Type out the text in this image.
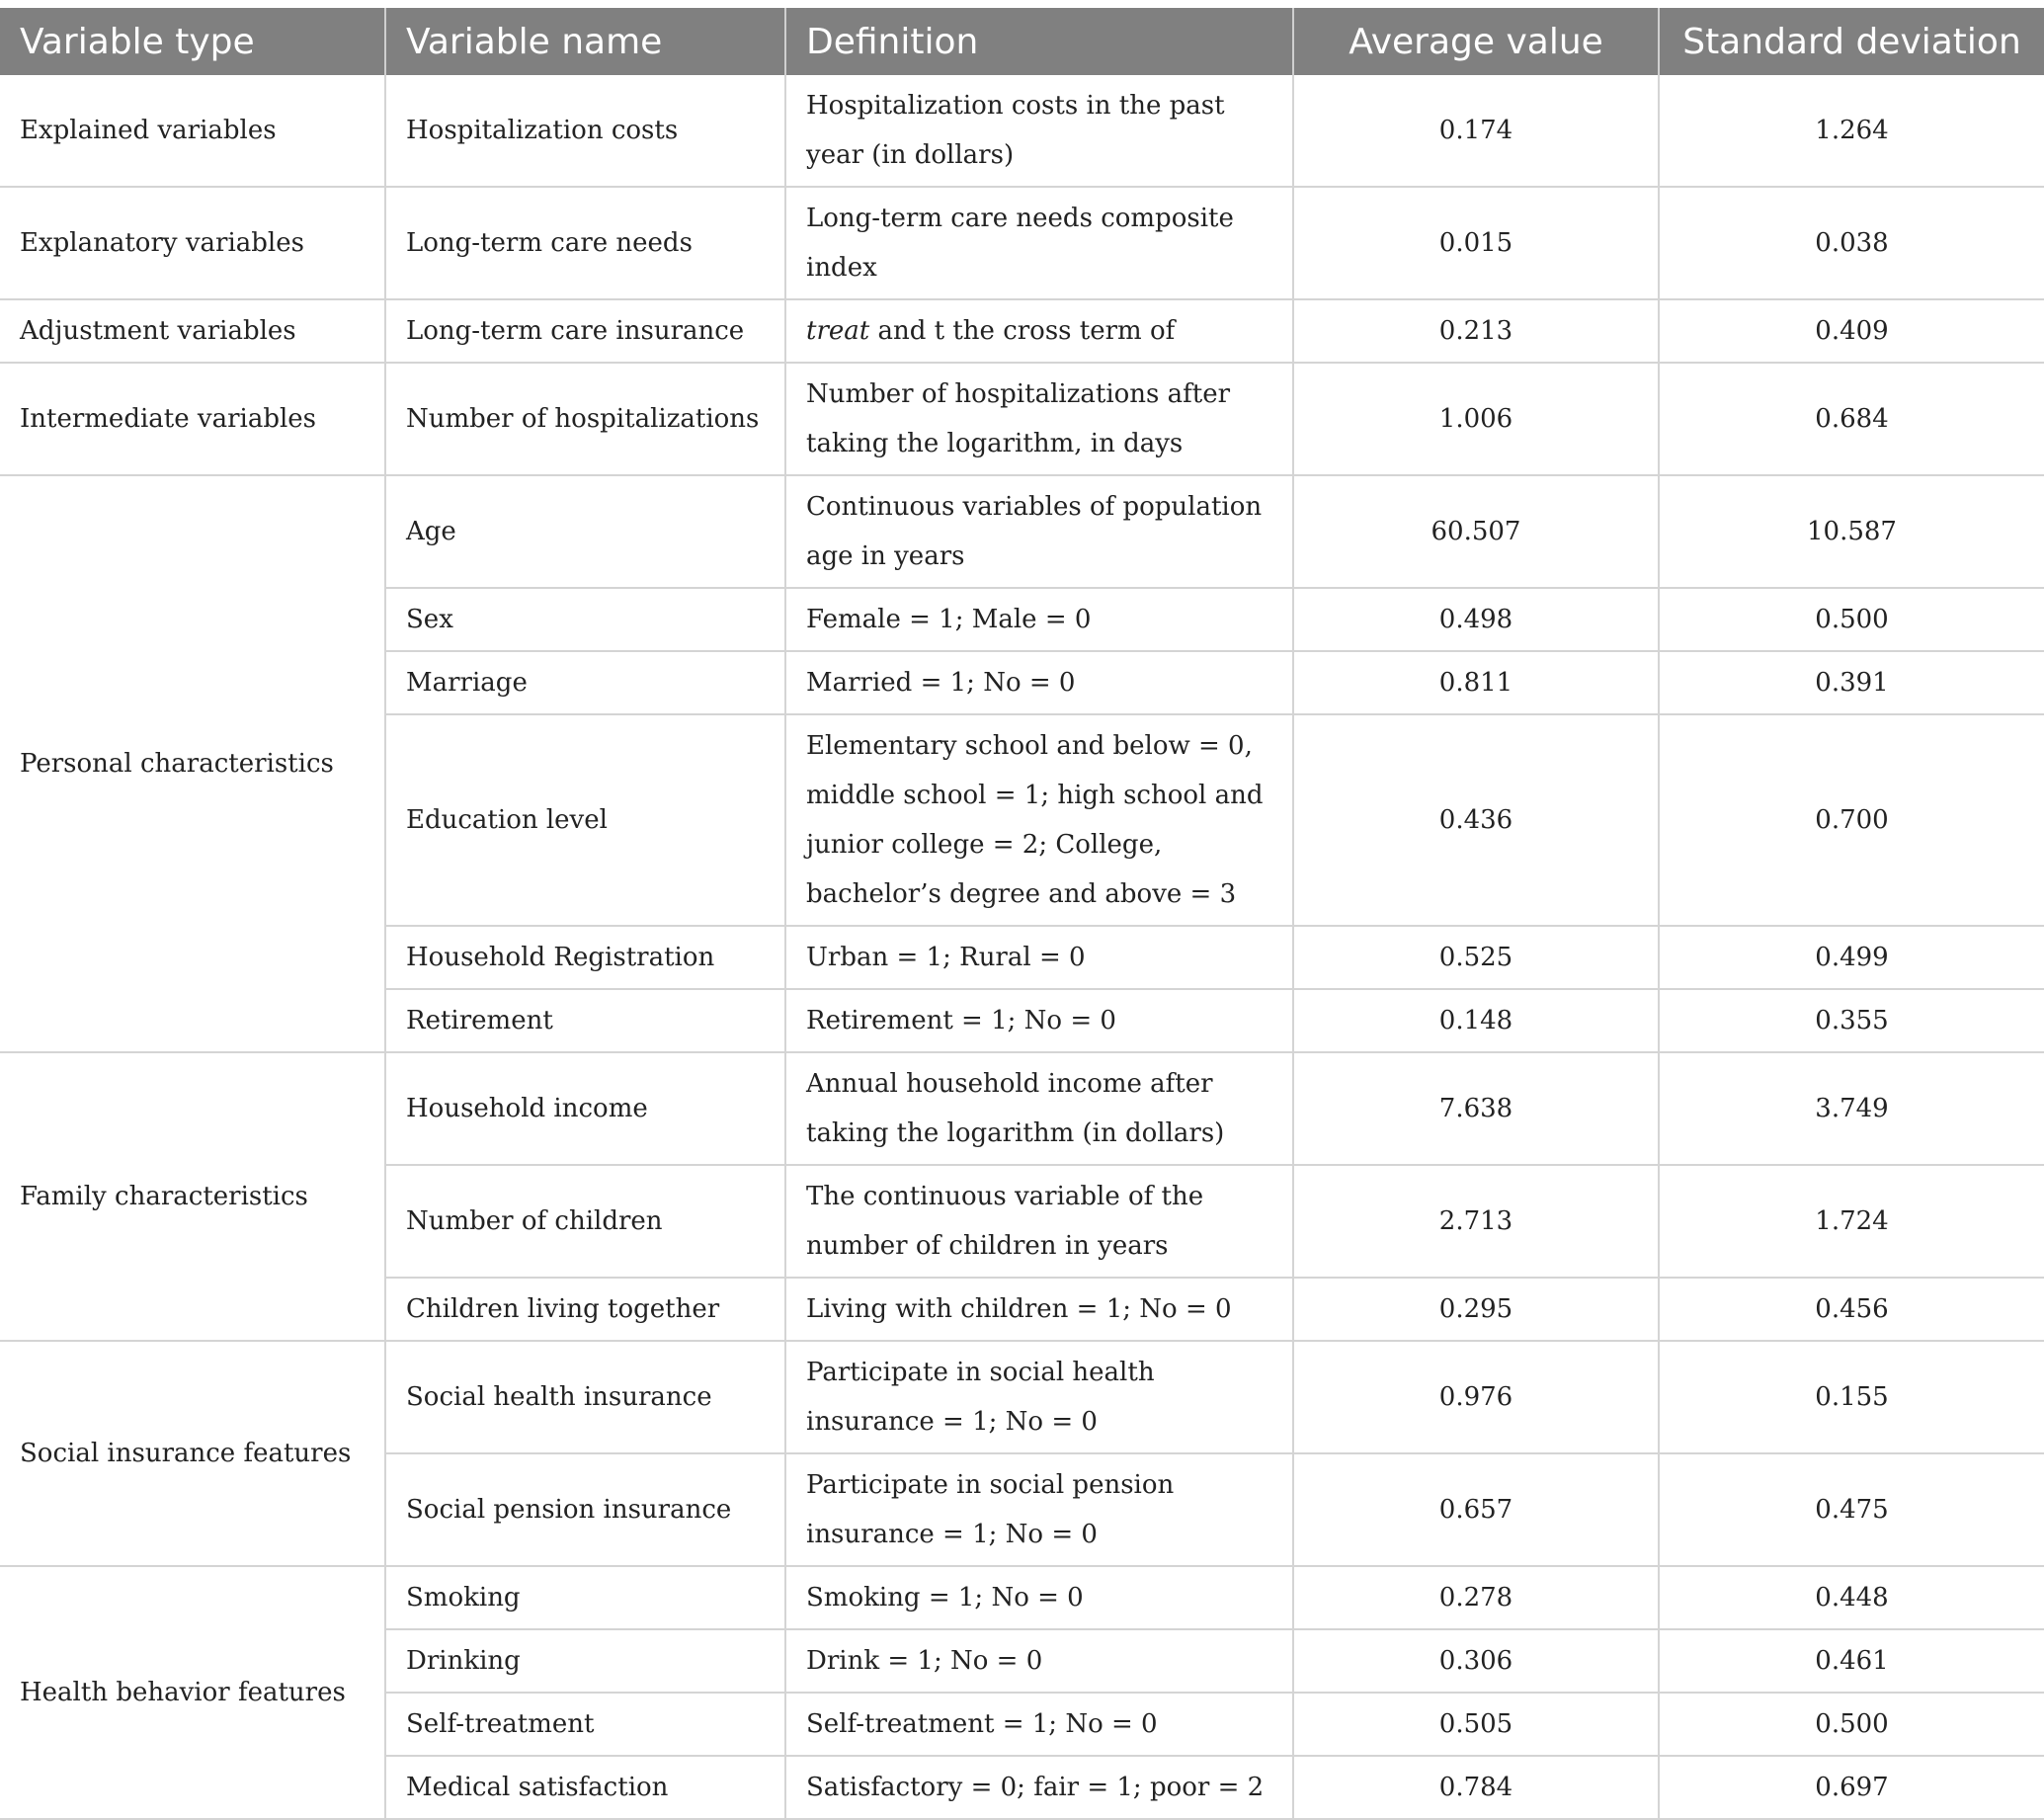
Variable type	Variable name	Definition	Average value	Standard deviation
Explained variables	Hospitalization costs	Hospitalization costs in the past year (in dollars)	0.174	1.264
Explanatory variables	Long-term care needs	Long-term care needs composite index	0.015	0.038
Adjustment variables	Long-term care insurance	treat and t the cross term of	0.213	0.409
Intermediate variables	Number of hospitalizations	Number of hospitalizations after taking the logarithm, in days	1.006	0.684
Personal characteristics	Age	Continuous variables of population age in years	60.507	10.587
	Sex	Female = 1; Male = 0	0.498	0.500
	Marriage	Married = 1; No = 0	0.811	0.391
	Education level	Elementary school and below = 0, middle school = 1; high school and junior college = 2; College, bachelor’s degree and above = 3	0.436	0.700
	Household Registration	Urban = 1; Rural = 0	0.525	0.499
	Retirement	Retirement = 1; No = 0	0.148	0.355
Family characteristics	Household income	Annual household income after taking the logarithm (in dollars)	7.638	3.749
	Number of children	The continuous variable of the number of children in years	2.713	1.724
	Children living together	Living with children = 1; No = 0	0.295	0.456
Social insurance features	Social health insurance	Participate in social health insurance = 1; No = 0	0.976	0.155
	Social pension insurance	Participate in social pension insurance = 1; No = 0	0.657	0.475
Health behavior features	Smoking	Smoking = 1; No = 0	0.278	0.448
	Drinking	Drink = 1; No = 0	0.306	0.461
	Self-treatment	Self-treatment = 1; No = 0	0.505	0.500
	Medical satisfaction	Satisfactory = 0; fair = 1; poor = 2	0.784	0.697
